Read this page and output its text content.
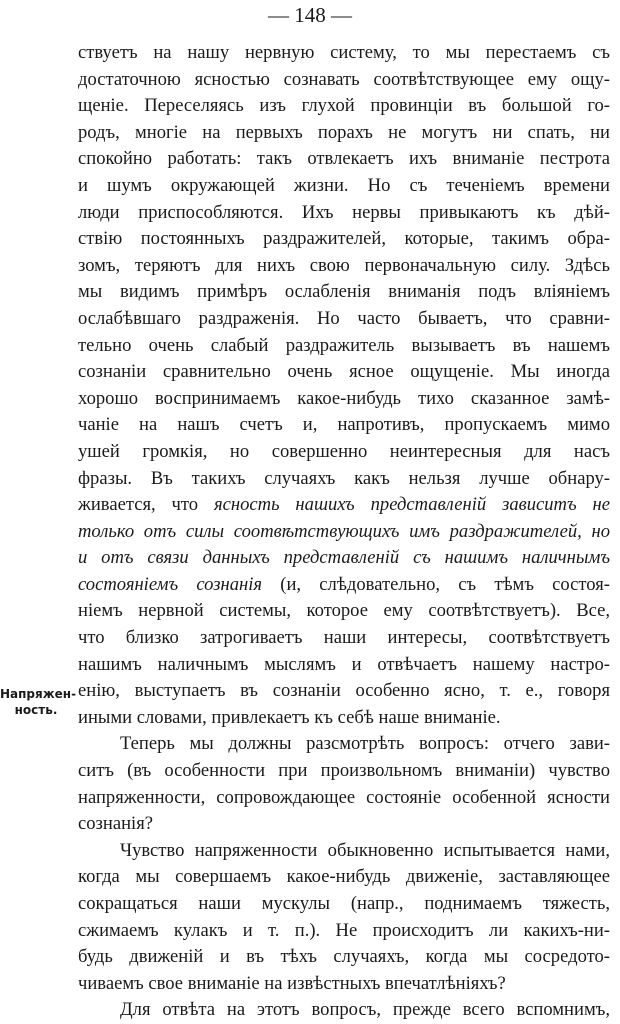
— 148 —
Напряжен-
ность.
ствуетъ на нашу нервную систему, то мы перестаемъ съ
достаточною ясностью сознавать соотвѣтствующее ему ощу-
щеніе. Переселяясь изъ глухой провинціи въ большой го-
родъ, многіе на первыхъ порахъ не могутъ ни спать, ни
спокойно работать: такъ отвлекаетъ ихъ вниманіе пестрота
и шумъ окружающей жизни. Но съ теченіемъ времени
люди приспособляются. Ихъ нервы привыкаютъ къ дѣй-
ствію постоянныхъ раздражителей, которые, такимъ обра-
зомъ, теряютъ для нихъ свою первоначальную силу. Здѣсь
мы видимъ примѣръ ослабленія вниманія подъ вліяніемъ
ослабѣвшаго раздраженія. Но часто бываетъ, что сравни-
тельно очень слабый раздражитель вызываетъ въ нашемъ
сознаніи сравнительно очень ясное ощущеніе. Мы иногда
хорошо воспринимаемъ какое-нибудь тихо сказанное замѣ-
чаніе на нашъ счетъ и, напротивъ, пропускаемъ мимо
ушей громкія, но совершенно неинтересныя для насъ
фразы. Въ такихъ случаяхъ какъ нельзя лучше обнару-
живается, что ясность нашихъ представленій зависитъ не
только отъ силы соотвѣтствующихъ имъ раздражителей, но
и отъ связи данныхъ представленій съ нашимъ наличнымъ
состояніемъ сознанія (и, слѣдовательно, съ тѣмъ состоя-
ніемъ нервной системы, которое ему соотвѣтствуетъ). Все,
что близко затрогиваетъ наши интересы, соотвѣтствуетъ
нашимъ наличнымъ мыслямъ и отвѣчаетъ нашему настро-
енію, выступаетъ въ сознаніи особенно ясно, т. е., говоря
иными словами, привлекаетъ къ себѣ наше вниманіе.
Теперь мы должны разсмотрѣть вопросъ: отчего зави-
ситъ (въ особенности при произвольномъ вниманіи) чувство
напряженности, сопровождающее состояніе особенной ясности
сознанія?
Чувство напряженности обыкновенно испытывается нами,
когда мы совершаемъ какое-нибудь движеніе, заставляющее
сокращаться наши мускулы (напр., поднимаемъ тяжесть,
сжимаемъ кулакъ и т. п.). Не происходитъ ли какихъ-ни-
будь движеній и въ тѣхъ случаяхъ, когда мы сосредото-
чиваемъ свое вниманіе на извѣстныхъ впечатлѣніяхъ?
Для отвѣта на этотъ вопросъ, прежде всего вспомнимъ,
